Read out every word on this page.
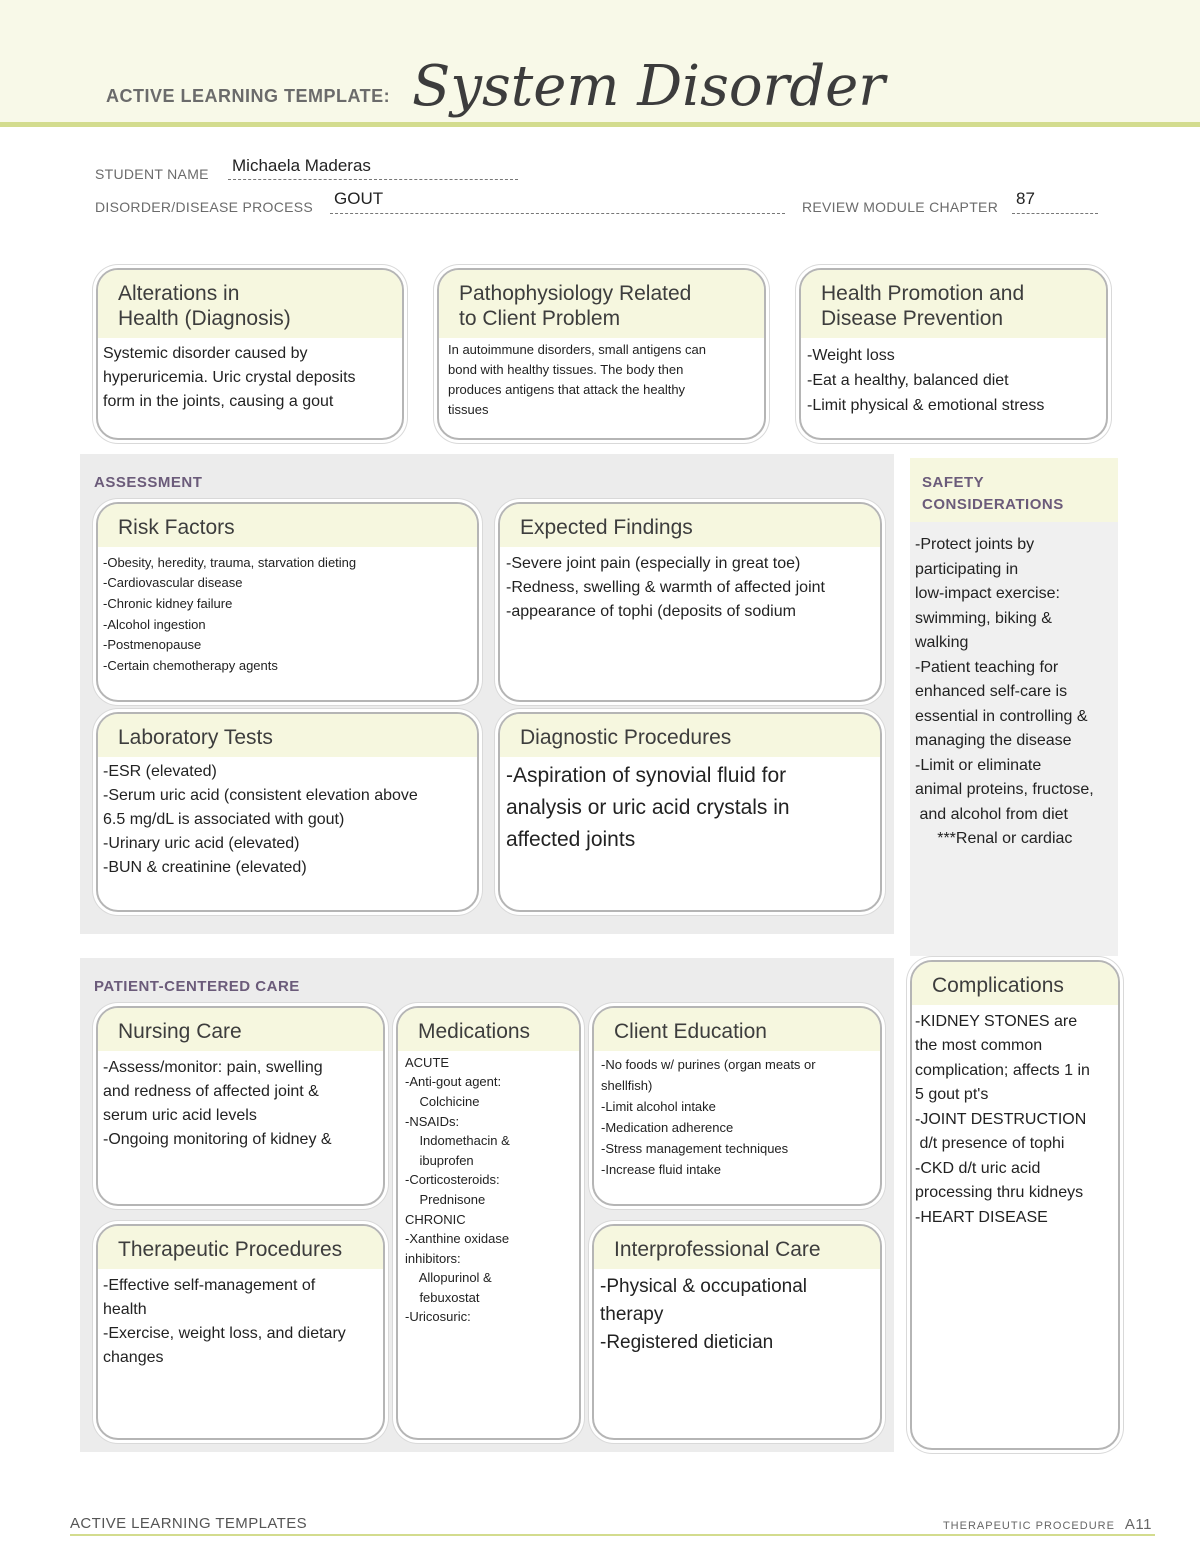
ACTIVE LEARNING TEMPLATE: System Disorder
STUDENT NAME Michaela Maderas
DISORDER/DISEASE PROCESS GOUT	REVIEW MODULE CHAPTER 87
Alterations in
Health (Diagnosis)
Systemic disorder caused by
hyperuricemia. Uric crystal deposits
form in the joints, causing a gout
Pathophysiology Related
to Client Problem
In autoimmune disorders, small antigens can
bond with healthy tissues. The body then
produces antigens that attack the healthy
tissues
Health Promotion and
Disease Prevention
-Weight loss
-Eat a healthy, balanced diet
-Limit physical & emotional stress
ASSESSMENT
Risk Factors
-Obesity, heredity, trauma, starvation dieting
-Cardiovascular disease
-Chronic kidney failure
-Alcohol ingestion
-Postmenopause
-Certain chemotherapy agents
Expected Findings
-Severe joint pain (especially in great toe)
-Redness, swelling & warmth of affected joint
-appearance of tophi (deposits of sodium
Laboratory Tests
-ESR (elevated)
-Serum uric acid (consistent elevation above
6.5 mg/dL is associated with gout)
-Urinary uric acid (elevated)
-BUN & creatinine (elevated)
Diagnostic Procedures
-Aspiration of synovial fluid for
analysis or uric acid crystals in
affected joints
SAFETY
CONSIDERATIONS
-Protect joints by
participating in
low-impact exercise:
swimming, biking &
walking
-Patient teaching for
enhanced self-care is
essential in controlling &
managing the disease
-Limit or eliminate
animal proteins, fructose,
and alcohol from diet
***Renal or cardiac
PATIENT-CENTERED CARE
Nursing Care
-Assess/monitor: pain, swelling
and redness of affected joint &
serum uric acid levels
-Ongoing monitoring of kidney &
Medications
ACUTE
-Anti-gout agent:
Colchicine
-NSAIDs:
Indomethacin &
ibuprofen
-Corticosteroids:
Prednisone
CHRONIC
-Xanthine oxidase
inhibitors:
Allopurinol &
febuxostat
-Uricosuric:
Client Education
-No foods w/ purines (organ meats or
shellfish)
-Limit alcohol intake
-Medication adherence
-Stress management techniques
-Increase fluid intake
Therapeutic Procedures
-Effective self-management of
health
-Exercise, weight loss, and dietary
changes
Interprofessional Care
-Physical & occupational
therapy
-Registered dietician
Complications
-KIDNEY STONES are
the most common
complication; affects 1 in
5 gout pt's
-JOINT DESTRUCTION
d/t presence of tophi
-CKD d/t uric acid
processing thru kidneys
-HEART DISEASE
ACTIVE LEARNING TEMPLATES	THERAPEUTIC PROCEDURE A11
